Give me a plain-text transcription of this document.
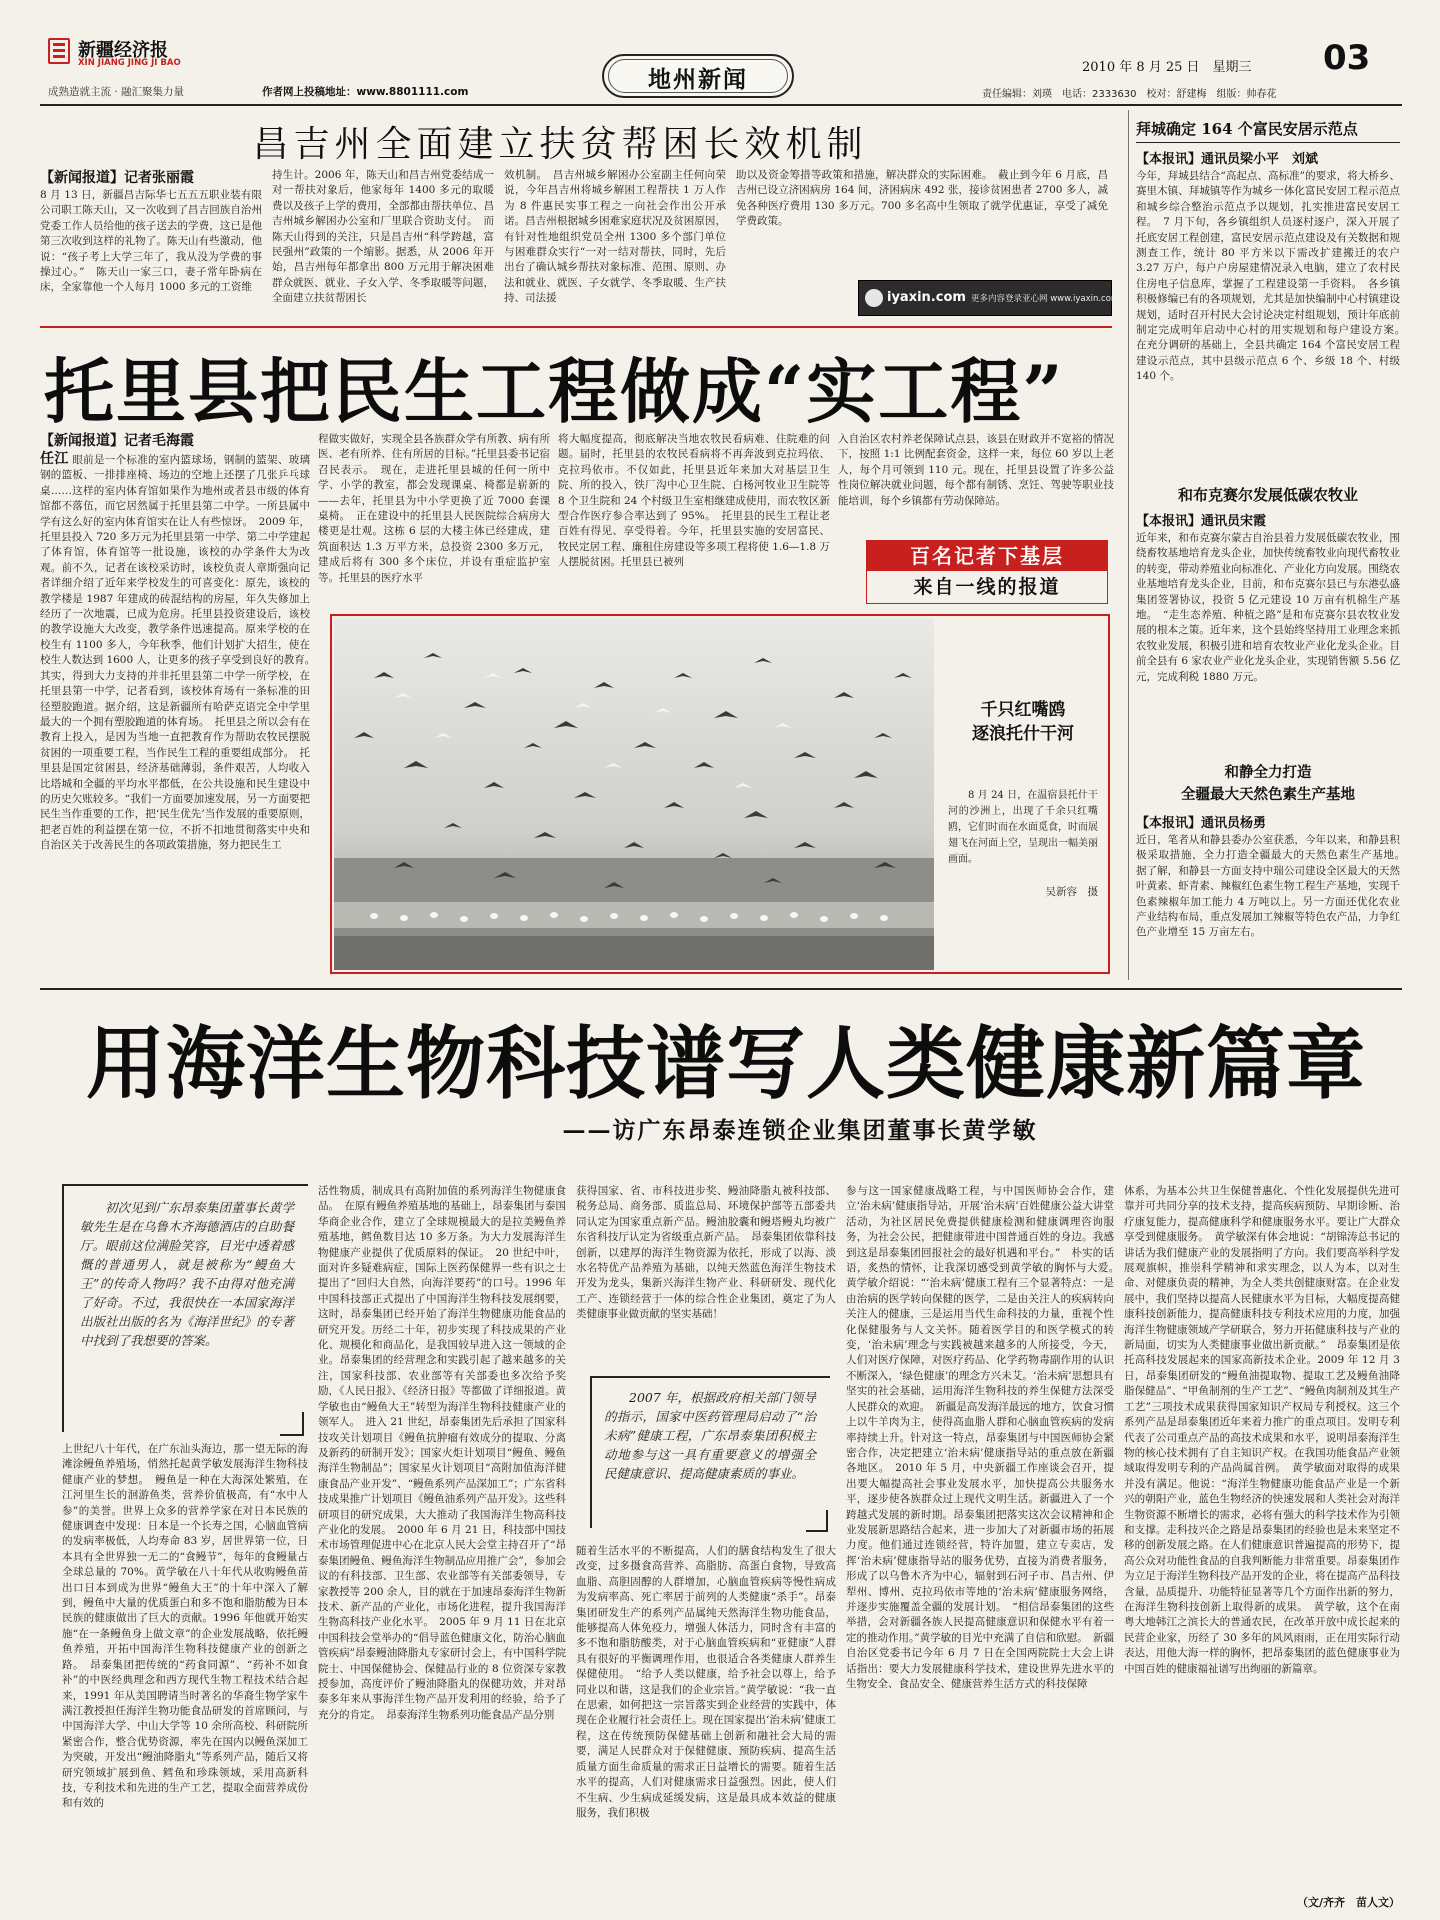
新疆经济报
XIN JIANG JING JI BAO
成熟造就主流 · 融汇聚集力量	作者网上投稿地址：www.8801111.com	地州新闻	2010 年 8 月 25 日　星期三 03
责任编辑：刘瑛　电话：2333630　校对：舒建梅　组版：帅春花
昌吉州全面建立扶贫帮困长效机制
【新闻报道】记者张丽霞
8 月 13 日，新疆昌吉际华七五五五职业装有限公司职工陈天山，又一次收到了昌吉回族自治州党委工作人员给他的孩子送去的学费，这已是他第三次收到这样的礼物了。陈天山有些激动，他说：“孩子考上大学三年了，我从没为学费的事操过心。”　陈天山一家三口，妻子常年卧病在床，全家靠他一个人每月 1000 多元的工资维
持生计。2006 年，陈天山和昌吉州党委结成一对一帮扶对象后，他家每年 1400 多元的取暖费以及孩子上学的费用，全部都由帮扶单位、昌吉州城乡解困办公室和厂里联合资助支付。　而陈天山得到的关注，只是昌吉州“科学跨越，富民强州”政策的一个缩影。据悉，从 2006 年开始，昌吉州每年都拿出 800 万元用于解决困难群众就医、就业、子女入学、冬季取暖等问题，全面建立扶贫帮困长
效机制。　昌吉州城乡解困办公室副主任何向荣说，今年昌吉州将城乡解困工程帮扶 1 万人作为 8 件惠民实事工程之一向社会作出公开承诺。昌吉州根据城乡困难家庭状况及贫困原因，有针对性地组织党员全州 1300 多个部门单位与困难群众实行“一对一结对帮扶，同时，先后出台了确认城乡帮扶对象标准、范围、原则、办法和就业、就医、子女就学、冬季取暖、生产扶持、司法援
助以及资金筹措等政策和措施，解决群众的实际困难。　截止到今年 6 月底，昌吉州已设立济困病房 164 间，济困病床 492 张，接诊贫困患者 2700 多人，减免各种医疗费用 130 多万元。700 多名高中生领取了就学优惠证，享受了减免学费政策。
iyaxin.com 更多内容登录亚心网 www.iyaxin.com
托里县把民生工程做成“实工程”
【新闻报道】记者毛海霞
任江 眼前是一个标准的室内篮球场，钢制的篮架、玻璃钢的篮板、一排排座椅、场边的空地上还摆了几张乒乓球桌……这样的室内体育馆如果作为地州或者县市级的体育馆都不落伍，而它居然属于托里县第二中学。一所县属中学有这么好的室内体育馆实在让人有些惊讶。　2009 年，托里县投入 720 多万元为托里县第一中学、第二中学建起了体育馆，体育馆等一批设施，该校的办学条件大为改观。前不久，记者在该校采访时，该校负责人章斯强向记者详细介绍了近年来学校发生的可喜变化：原先，该校的教学楼是 1987 年建成的砖混结构的房屋，年久失修加上经历了一次地震，已成为危房。托里县投资建设后，该校的教学设施大大改变，教学条件迅速提高。原来学校的在校生有 1100 多人，今年秋季，他们计划扩大招生，使在校生人数达到 1600 人，让更多的孩子享受到良好的教育。　其实，得到大力支持的并非托里县第二中学一所学校，在托里县第一中学，记者看到，该校体育场有一条标准的田径塑胶跑道。据介绍，这是新疆所有哈萨克语完全中学里最大的一个拥有塑胶跑道的体育场。　托里县之所以会有在教育上投入，是因为当地一直把教育作为帮助农牧民摆脱贫困的一项重要工程，当作民生工程的重要组成部分。　托里县是国定贫困县，经济基础薄弱，条件艰苦，人均收入比塔城和全疆的平均水平都低，在公共设施和民生建设中的历史欠账较多。“我们一方面要加速发展，另一方面要把民生当作重要的工作，把‘民生优先’当作发展的重要原则，把老百姓的利益摆在第一位，不折不扣地贯彻落实中央和自治区关于改善民生的各项政策措施，努力把民生工
程做实做好，实现全县各族群众学有所教、病有所医、老有所养、住有所居的目标。”托里县委书记宿召民表示。　现在，走进托里县城的任何一所中学、小学的教室，都会发现课桌、椅都是崭新的——去年，托里县为中小学更换了近 7000 套课桌椅。　正在建设中的托里县人民医院综合病房大楼更是壮观。这栋 6 层的大楼主体已经建成，建筑面积达 1.3 万平方米，总投资 2300 多万元，建成后将有 300 多个床位，并设有重症监护室等。托里县的医疗水平
将大幅度提高，彻底解决当地农牧民看病难、住院难的问题。届时，托里县的农牧民看病将不再奔波到克拉玛依、克拉玛依市。不仅如此，托里县近年来加大对基层卫生院、所的投入，铁厂沟中心卫生院、白杨河牧业卫生院等 8 个卫生院和 24 个村级卫生室相继建成使用，而农牧区新型合作医疗参合率达到了 95%。　托里县的民生工程让老百姓有得见、享受得着。今年，托里县实施的安居富民、牧民定居工程、廉租住房建设等多项工程将使 1.6—1.8 万人摆脱贫困。托里县已被列
入自治区农村养老保障试点县，该县在财政并不宽裕的情况下，按照 1:1 比例配套资金，这样一来，每位 60 岁以上老人，每个月可领到 110 元。现在，托里县设置了许多公益性岗位解决就业问题，每个都有制锈、烹饪、驾驶等职业技能培训，每个乡镇都有劳动保障站。
百名记者下基层
来自一线的报道
千只红嘴鸥
逐浪托什干河
8 月 24 日，在温宿县托什干河的沙洲上，出现了千余只红嘴鸥，它们时而在水面觅食，时而展翅飞在河面上空，呈现出一幅美丽画面。
吴新容　摄
拜城确定 164 个富民安居示范点
【本报讯】通讯员梁小平　刘斌
今年，拜城县结合“高起点、高标准”的要求，将大桥乡、赛里木镇、拜城镇等作为城乡一体化富民安居工程示范点和城乡综合整治示范点予以规划，扎实推进富民安居工程。　7 月下旬，各乡镇组织人员逐村逐户，深入开展了托底安居工程创建，富民安居示范点建设及有关数据和规测查工作，统计 80 平方米以下需改扩建搬迁的农户 3.27 万户，每户户房屋建情况录入电脑，建立了农村民住房电子信息库，掌握了工程建设第一手资料。　各乡镇积极修编已有的各项规划，尤其是加快编制中心村镇建设规划，适时召开村民大会讨论决定村组规划，预计年底前制定完成明年启动中心村的用实规划和每户建设方案。　在充分调研的基础上，全县共确定 164 个富民安居工程建设示范点，其中县级示范点 6 个、乡级 18 个、村级 140 个。
和布克赛尔发展低碳农牧业
【本报讯】通讯员宋霞
近年来，和布克赛尔蒙古自治县着力发展低碳农牧业，围绕畜牧基地培育龙头企业，加快传统畜牧业向现代畜牧业的转变，带动养殖业向标准化、产业化方向发展。围绕农业基地培育龙头企业，目前，和布克赛尔县已与东港弘盛集团签署协议，投资 5 亿元建设 10 万亩有机棉生产基地。　“走生态养殖、种植之路”是和布克赛尔县农牧业发展的根本之策。近年来，这个县始终坚持用工业理念来抓农牧业发展，积极引进和培育农牧业产业化龙头企业。目前全县有 6 家农业产业化龙头企业，实现销售额 5.56 亿元，完成利税 1880 万元。
和静全力打造
全疆最大天然色素生产基地
【本报讯】通讯员杨勇
近日，笔者从和静县委办公室获悉，今年以来，和静县积极采取措施，全力打造全疆最大的天然色素生产基地。　据了解，和静县一方面支持中瑞公司建设全区最大的天然叶黄素、虾青素、辣椒红色素生物工程生产基地，实现千色素辣椒年加工能力 4 万吨以上。另一方面还优化农业产业结构布局，重点发展加工辣椒等特色农产品，力争红色产业增至 15 万亩左右。
用海洋生物科技谱写人类健康新篇章
——访广东昂泰连锁企业集团董事长黄学敏
初次见到广东昂泰集团董事长黄学敏先生是在乌鲁木齐海德酒店的自助餐厅。眼前这位满脸笑容，目光中透着感慨的普通男人，就是被称为“鳗鱼大王”的传奇人物吗？我不由得对他充满了好奇。不过，我很快在一本国家海洋出版社出版的名为《海洋世纪》的专著中找到了我想要的答案。
上世纪八十年代，在广东汕头海边，那一望无际的海滩涂鳗鱼养殖场，悄然托起黄学敏发展海洋生物科技健康产业的梦想。　鳗鱼是一种在大海深处繁殖，在江河里生长的洄游鱼类，营养价值极高，有“水中人参”的美誉。世界上众多的营养学家在对日本民族的健康调查中发现：日本是一个长寿之国，心脑血管病的发病率极低，人均寿命 83 岁，居世界第一位，日本具有全世界独一无二的“食鳗节”，每年的食鳗量占全球总量的 70%。黄学敏在八十年代从收购鳗鱼苗出口日本到成为世界“鳗鱼大王”的十年中深入了解到，鳗鱼中大量的优质蛋白和多不饱和脂肪酸为日本民族的健康做出了巨大的贡献。1996 年他就开始实施“在一条鳗鱼身上做文章”的企业发展战略，依托鳗鱼养殖，开拓中国海洋生物科技健康产业的创新之路。　昂泰集团把传统的“药食同源”、“药补不如食补”的中医经典理念和西方现代生物工程技术结合起来，1991 年从美国聘请当时著名的华裔生物学家牛满江教授担任海洋生物功能食品研发的首席顾问，与中国海洋大学、中山大学等 10 余所高校、科研院所紧密合作，整合优势资源，率先在国内以鳗鱼深加工为突破，开发出“鳗油降脂丸”等系列产品，随后又将研究领域扩展到鱼、鳕鱼和珍珠领域，采用高新科技，专利技术和先进的生产工艺，提取全面营养成份和有效的
活性物质，制成具有高附加值的系列海洋生物健康食品。　在原有鳗鱼养殖基地的基础上，昂泰集团与泰国华商企业合作，建立了全球规模最大的是拉美鳗鱼养殖基地，鳕鱼数目达 10 多万条。为大力发展海洋生物健康产业提供了优质原料的保证。　20 世纪中叶，面对许多疑难病症，国际上医药保健界一些有识之士提出了“回归大自然，向海洋要药”的口号。1996 年中国科技部正式提出了中国海洋生物科技发展纲要，这时，昂泰集团已经开始了海洋生物健康功能食品的研究开发。历经二十年，初步实现了科技成果的产业化、规模化和商品化，是我国较早进入这一领域的企业。昂泰集团的经营理念和实践引起了越来越多的关注，国家科技部、农业部等有关部委也多次给予奖励，《人民日报》、《经济日报》等都做了详细报道。黄学敏也由“鳗鱼大王”转型为海洋生物科技健康产业的领军人。　进入 21 世纪，昂泰集团先后承担了国家科技攻关计划项目《鳗鱼抗肿瘤有效成分的提取、分离及新药的研制开发》；国家火炬计划项目“鳗鱼、鳗鱼海洋生物制品”；国家星火计划项目“高附加值海洋健康食品产业开发”、“鳗鱼系列产品深加工”；广东省科技成果推广计划项目《鳗鱼油系列产品开发》。这些科研项目的研究成果，大大推动了我国海洋生物高科技产业化的发展。　2000 年 6 月 21 日，科技部中国技术市场管理促进中心在北京人民大会堂主持召开了“昂泰集团鳗鱼、鳗鱼海洋生物制品应用推广会”，参加会议的有科技部、卫生部、农业部等有关部委领导，专家教授等 200 余人，目的就在于加速昂泰海洋生物新技术、新产品的产业化，市场化进程，提升我国海洋生物高科技产业化水平。　2005 年 9 月 11 日在北京中国科技会堂举办的“倡导蓝色健康文化，防治心脑血管疾病”昂泰鳗油降脂丸专家研讨会上，有中国科学院院士、中国保健协会、保健品行业的 8 位资深专家教授参加，高度评价了鳗油降脂丸的保健功效，并对昂泰多年来从事海洋生物产品开发利用的经验，给予了充分的肯定。　昂泰海洋生物系列功能食品产品分别
获得国家、省、市科技进步奖、鳗油降脂丸被科技部、税务总局、商务部、质监总局、环境保护部等五部委共同认定为国家重点新产品。鳗油胶囊和鳗塔鳗丸均被广东省科技厅认定为省级重点新产品。　昂泰集团依靠科技创新，以建厚的海洋生物资源为依托，形成了以海、淡水名特优产品养殖为基础，以纯天然蓝色海洋生物技术开发为龙头，集新兴海洋生物产业、科研研发、现代化工产、连锁经营于一体的综合性企业集团，奠定了为人类健康事业做贡献的坚实基础！
2007 年，根据政府相关部门领导的指示，国家中医药管理局启动了“治未病”健康工程，广东昂泰集团积极主动地参与这一具有重要意义的增强全民健康意识、提高健康素质的事业。
随着生活水平的不断提高，人们的膳食结构发生了很大改变，过多摄食高营养、高脂肪、高蛋白食物，导致高血脂、高胆固醇的人群增加，心脑血管疾病等慢性病成为发病率高、死亡率居于前列的人类健康“杀手”。昂泰集团研发生产的系列产品属纯天然海洋生物功能食品，能够提高人体免疫力，增强人体活力，同时含有丰富的多不饱和脂肪酸类，对于心脑血管疾病和“亚健康”人群具有很好的平衡调理作用，也很适合各类健康人群养生保健使用。　“给予人类以健康，给予社会以尊上，给予同业以和谐，这是我们的企业宗旨。”黄学敏说：“我一直在思索，如何把这一宗旨落实到企业经营的实践中，体现在企业履行社会责任上。现在国家提出‘治未病’健康工程，这在传统预防保健基础上创新和融社会大局的需要，满足人民群众对于保健健康、预防疾病、提高生活质量方面生命质量的需求正日益增长的需要。随着生活水平的提高，人们对健康需求日益强烈。因此，使人们不生病、少生病成延缓发病，这是最具成本效益的健康服务，我们积极
参与这一国家健康战略工程，与中国医师协会合作，建立‘治未病’健康指导站，开展‘治未病’百姓健康公益大讲堂活动，为社区居民免费提供健康检测和健康调理咨询服务，为社会公民，把健康带进中国普通百姓的身边。我感到这是昂泰集团回报社会的最好机遇和平台。”　朴实的话语，炙热的情怀，让我深切感受到黄学敏的胸怀与大爱。　黄学敏介绍说：“‘治未病’健康工程有三个显著特点：一是由治病的医学转向保健的医学，二是由关注人的疾病转向关注人的健康，三是运用当代生命科技的力量，重视个性化保健服务与人文关怀。随着医学目的和医学模式的转变，‘治未病’理念与实践被越来越多的人所接受，今天，人们对医疗保障，对医疗药品、化学药物毒副作用的认识不断深入，‘绿色健康’的理念方兴未艾。‘治未病’思想具有坚实的社会基础，运用海洋生物科技的养生保健方法深受人民群众的欢迎。　新疆是高发海洋最远的地方，饮食习惯上以牛羊肉为主，使得高血脂人群和心脑血管疾病的发病率持续上升。针对这一特点，昂泰集团与中国医师协会紧密合作，决定把建立‘治未病’健康指导站的重点放在新疆各地区。　2010 年 5 月，中央新疆工作座谈会召开，提出要大幅提高社会事业发展水平，加快提高公共服务水平，逐步使各族群众过上现代文明生活。新疆进入了一个跨越式发展的新时期。昂泰集团把落实这次会议精神和企业发展新思路结合起来，进一步加大了对新疆市场的拓展力度。他们通过连锁经营，特许加盟，建立专卖店，发挥‘治未病’健康指导站的服务优势，直接为消费者服务，形成了以乌鲁木齐为中心，辐射到石河子市、昌吉州、伊犁州、博州、克拉玛依市等地的‘治未病’健康服务网络，并逐步实施覆盖全疆的发展计划。　“相信昂泰集团的这些举措，会对新疆各族人民提高健康意识和保健水平有着一定的推动作用。”黄学敏的目光中充满了自信和欣慰。　新疆自治区党委书记今年 6 月 7 日在全国两院院士大会上讲话指出：要大力发展健康科学技术，建设世界先进水平的生物安全、食品安全、健康营养生活方式的科技保障
体系，为基本公共卫生保健普惠化、个性化发展提供先进可靠并可共同分享的技术支持，提高疾病预防、早期诊断、治疗康复能力，提高健康科学和健康服务水平。要让广大群众享受到健康服务。　黄学敏深有体会地说：“胡锦涛总书记的讲话为我们健康产业的发展指明了方向。我们要高举科学发展观旗帜，推崇科学精神和求实理念，以人为本，以对生命、对健康负责的精神，为全人类共创健康财富。在企业发展中，我们坚持以提高人民健康水平为目标，大幅度提高健康科技创新能力，提高健康科技专利技术应用的力度，加强海洋生物健康领域产学研联合，努力开拓健康科技与产业的新局面，切实为人类健康事业做出新贡献。”　昂泰集团是依托高科技发展起来的国家高新技术企业。2009 年 12 月 3 日，昂泰集团研发的“鳗鱼油提取物、提取工艺及鳗鱼油降脂保健品”、“甲鱼制剂的生产工艺”、“鳗鱼肉制剂及其生产工艺”三项技术成果获得国家知识产权局专利授权。这三个系列产品是昂泰集团近年来着力推广的重点项目。发明专利代表了公司重点产品的高技术成果和水平，说明昂泰海洋生物的核心技术拥有了自主知识产权。在我国功能食品产业领域取得发明专利的产品尚属首例。　黄学敏面对取得的成果并没有满足。他说：“海洋生物健康功能食品产业是一个新兴的朝阳产业，蓝色生物经济的快速发展和人类社会对海洋生物资源不断增长的需求，必将有强大的科学技术作为引领和支撑。走科技兴企之路是昂泰集团的经验也是未来坚定不移的创新发展之路。在人们健康意识普遍提高的形势下，提高公众对功能性食品的自我判断能力非常重要。昂泰集团作为立足于海洋生物科技产品开发的企业，将在提高产品科技含量，品质提升、功能特征显著等几个方面作出新的努力，在海洋生物科技创新上取得新的成果。　黄学敏，这个在南粤大地韩江之滨长大的普通农民，在改革开放中成长起来的民营企业家，历经了 30 多年的风风雨雨，正在用实际行动表达，用他大海一样的胸怀，把昂泰集团的蓝色健康事业为中国百姓的健康福祉谱写出绚丽的新篇章。
（文/齐齐　苗人文）
